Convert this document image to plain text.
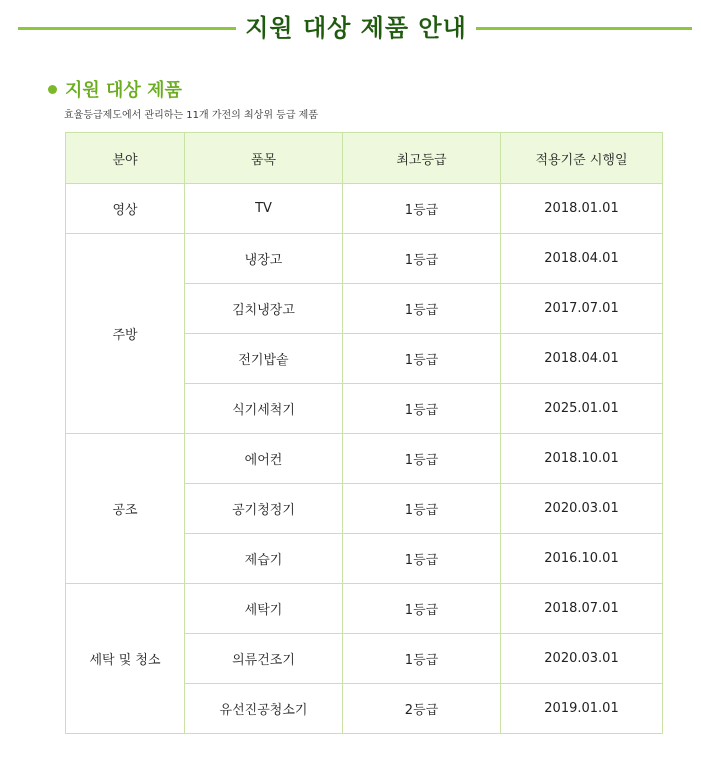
지원 대상 제품 안내
지원 대상 제품
효율등급제도에서 관리하는 11개 가전의 최상위 등급 제품
분야	품목	최고등급	적용기준 시행일
영상	TV	1등급	2018.01.01
주방	냉장고	1등급	2018.04.01
	김치냉장고	1등급	2017.07.01
	전기밥솥	1등급	2018.04.01
	식기세척기	1등급	2025.01.01
공조	에어컨	1등급	2018.10.01
	공기청정기	1등급	2020.03.01
	제습기	1등급	2016.10.01
세탁 및 청소	세탁기	1등급	2018.07.01
	의류건조기	1등급	2020.03.01
	유선진공청소기	2등급	2019.01.01
